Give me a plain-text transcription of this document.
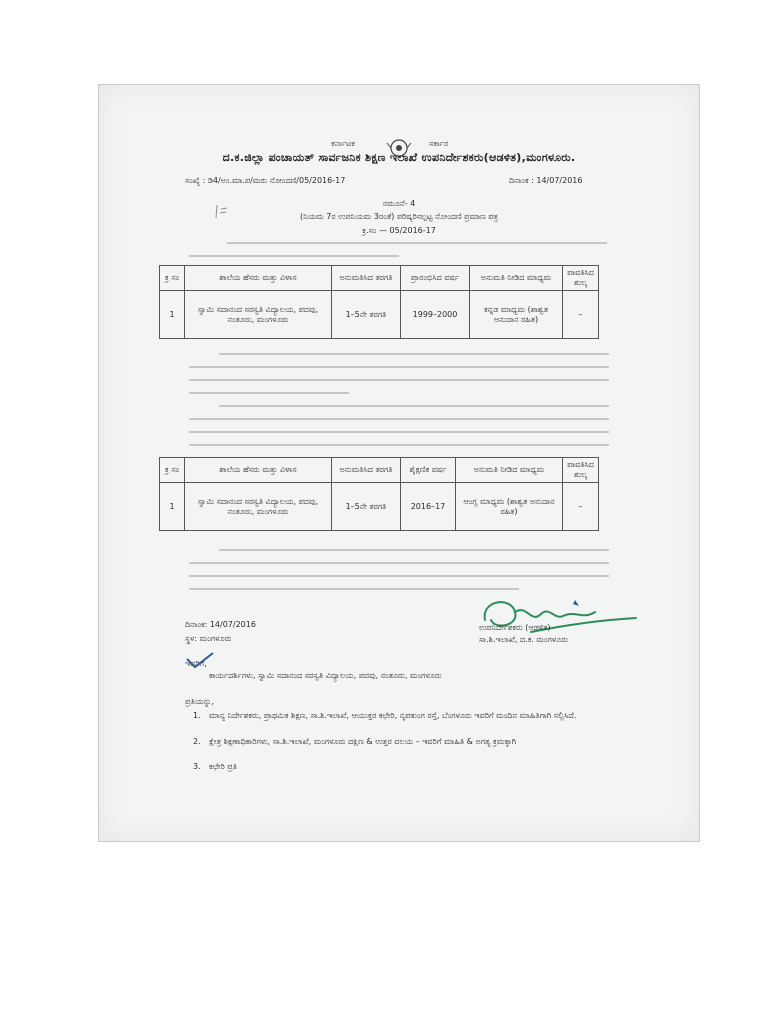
ಕರ್ನಾಟಕ	ಸರ್ಕಾರ
ದ.ಕ.ಜಿಲ್ಲಾ ಪಂಚಾಯತ್ ಸಾರ್ವಜನಿಕ ಶಿಕ್ಷಣ ಇಲಾಖೆ ಉಪನಿರ್ದೇಶಕರು(ಆಡಳಿತ),ಮಂಗಳೂರು.
ಸಂಖ್ಯೆ : ಡಿ4/ಅಂ.ಮಾ.ಪ/ಮರು ನೋಂದಣಿ/05/2016-17	ದಿನಾಂಕ : 14/07/2016
ನಮೂನೆ- 4
(ನಿಯಮ 7ರ ಉಪನಿಯಮ 3ರಂತೆ) ಪರಿಷ್ಕರಿಸಲ್ಪಟ್ಟ ನೋಂದಣಿ ಪ್ರಮಾಣ ಪತ್ರ
ಕ್ರ.ಸಂ — 05/2016-17
ಕ್ರ ಸಂ	ಶಾಲೆಯ ಹೆಸರು ಮತ್ತು ವಿಳಾಸ	ಅನುಮತಿಸಿದ ತರಗತಿ	ಪ್ರಾರಂಭಿಸಿದ ವರ್ಷ	ಅನುಮತಿ ನೀಡಿದ ಮಾಧ್ಯಮ	ಪಾವತಿಸಿದ ಶುಲ್ಕ
1	ಸ್ವಾಮಿ ಸದಾನಂದ ಸರಸ್ವತಿ ವಿದ್ಯಾಲಯ, ಪದವು, ನಂತೂರು, ಮಂಗಳೂರು	1–5ನೇ ತರಗತಿ	1999–2000	ಕನ್ನಡ ಮಾಧ್ಯಮ (ಶಾಶ್ವತ ಅನುದಾನ ರಹಿತ)	–
ಕ್ರ ಸಂ	ಶಾಲೆಯ ಹೆಸರು ಮತ್ತು ವಿಳಾಸ	ಅನುಮತಿಸಿದ ತರಗತಿ	ಶೈಕ್ಷಣಿಕ ವರ್ಷ	ಅನುಮತಿ ನೀಡಿದ ಮಾಧ್ಯಮ	ಪಾವತಿಸಿದ ಶುಲ್ಕ
1	ಸ್ವಾಮಿ ಸದಾನಂದ ಸರಸ್ವತಿ ವಿದ್ಯಾಲಯ, ಪದವು, ನಂತೂರು, ಮಂಗಳೂರು	1–5ನೇ ತರಗತಿ	2016–17	ಆಂಗ್ಲ ಮಾಧ್ಯಮ (ಶಾಶ್ವತ ಅನುದಾನ ರಹಿತ)	–
ದಿನಾಂಕ: 14/07/2016
ಸ್ಥಳ: ಮಂಗಳೂರು
ಉಪನಿರ್ದೇಶಕರು (ಆಡಳಿತ)
ಸಾ.ಶಿ.ಇಲಾಖೆ, ದ.ಕ. ಮಂಗಳೂರು
ಇವರಿಗೆ,
ಕಾರ್ಯದರ್ಶಿಗಳು, ಸ್ವಾಮಿ ಸದಾನಂದ ಸರಸ್ವತಿ ವಿದ್ಯಾಲಯ, ಪದವು, ನಂತೂರು, ಮಂಗಳೂರು
ಪ್ರತಿಯನ್ನು,
1. ಮಾನ್ಯ ನಿರ್ದೇಶಕರು, ಪ್ರಾಥಮಿಕ ಶಿಕ್ಷಣ, ಸಾ.ಶಿ.ಇಲಾಖೆ, ಆಯುಕ್ತರ ಕಛೇರಿ, ನೃಪತುಂಗ ರಸ್ತೆ, ಬೆಂಗಳೂರು ಇವರಿಗೆ ಮಂದಿನ ಮಾಹಿತಿಗಾಗಿ ಸಲ್ಲಿಸಿದೆ.
2. ಕ್ಷೇತ್ರ ಶಿಕ್ಷಣಾಧಿಕಾರಿಗಳು, ಸಾ.ಶಿ.ಇಲಾಖೆ, ಮಂಗಳೂರು ದಕ್ಷಿಣ & ಉತ್ತರ ವಲಯ – ಇವರಿಗೆ ಮಾಹಿತಿ & ಅಗತ್ಯ ಕ್ರಮಕ್ಕಾಗಿ
3. ಕಛೇರಿ ಪ್ರತಿ
